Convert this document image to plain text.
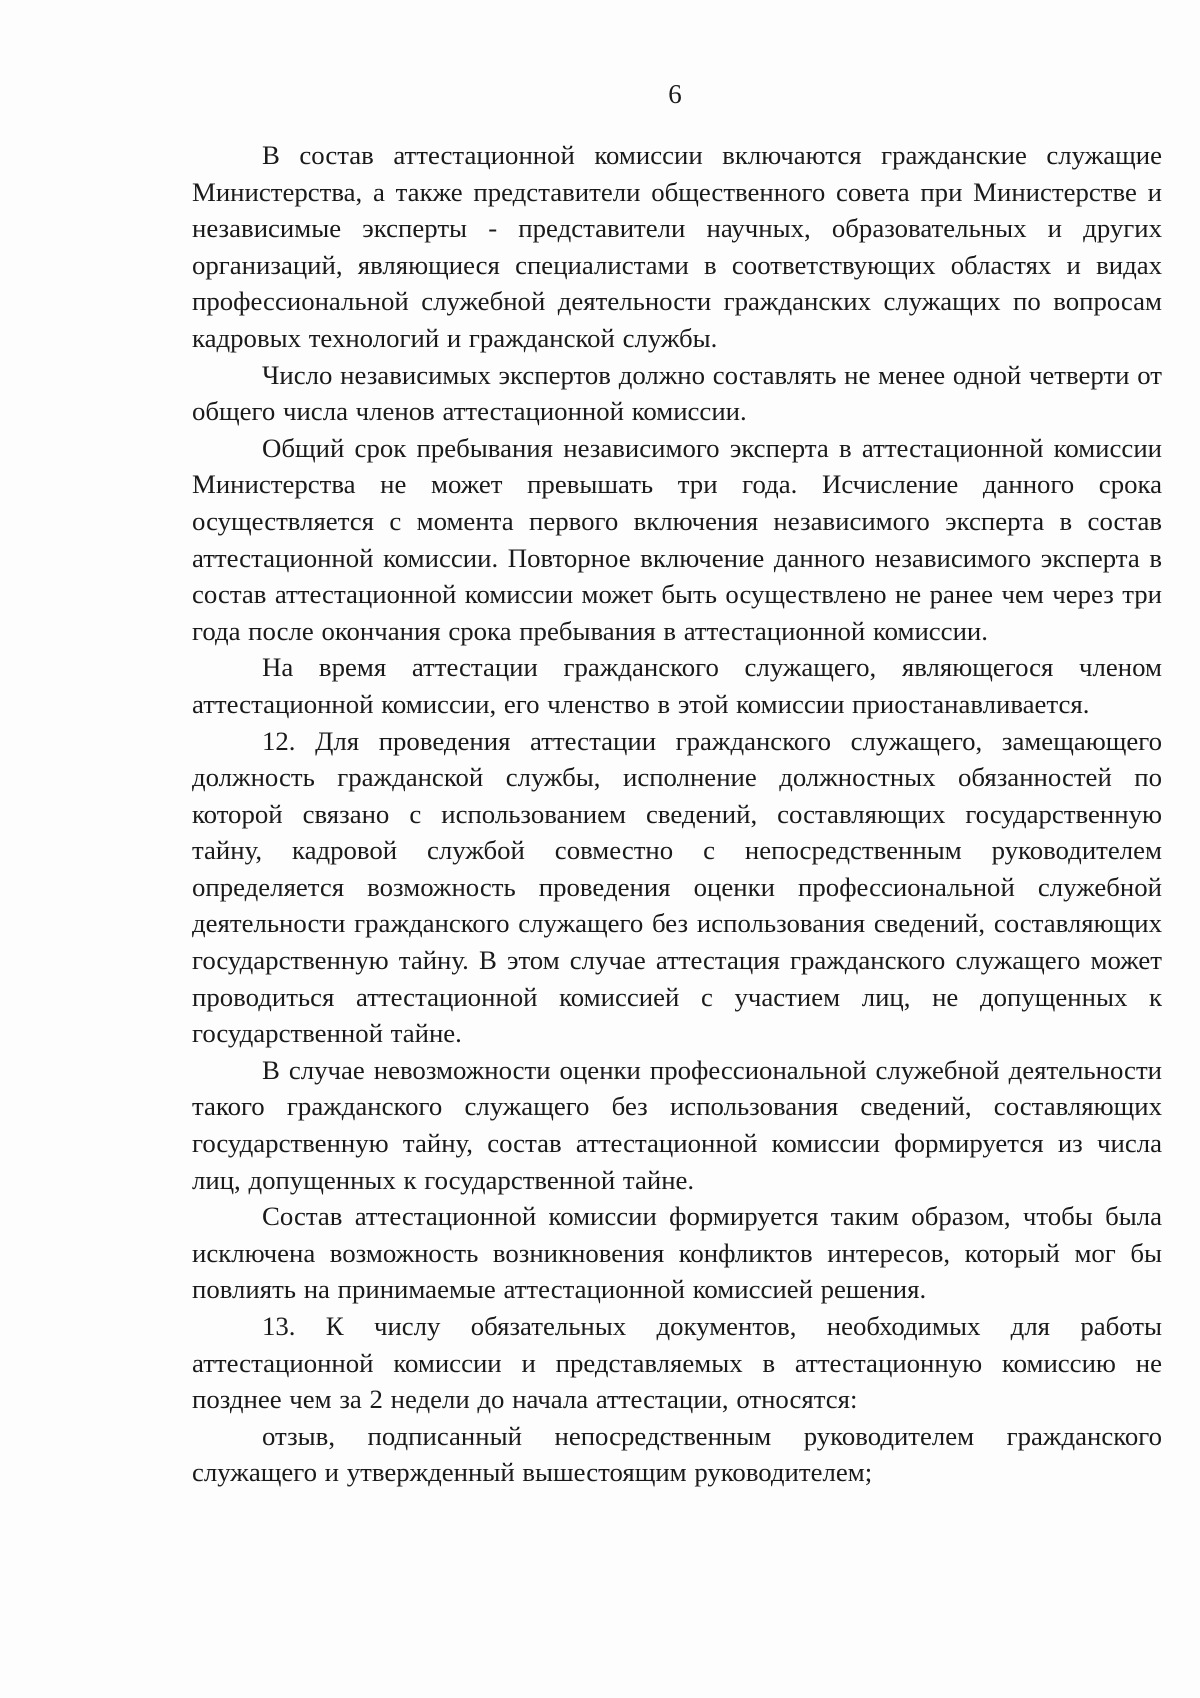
6

В состав аттестационной комиссии включаются гражданские служащие Министерства, а также представители общественного совета при Министерстве и независимые эксперты - представители научных, образовательных и других организаций, являющиеся специалистами в соответствующих областях и видах профессиональной служебной деятельности гражданских служащих по вопросам кадровых технологий и гражданской службы.

Число независимых экспертов должно составлять не менее одной четверти от общего числа членов аттестационной комиссии.

Общий срок пребывания независимого эксперта в аттестационной комиссии Министерства не может превышать три года. Исчисление данного срока осуществляется с момента первого включения независимого эксперта в состав аттестационной комиссии. Повторное включение данного независимого эксперта в состав аттестационной комиссии может быть осуществлено не ранее чем через три года после окончания срока пребывания в аттестационной комиссии.

На время аттестации гражданского служащего, являющегося членом аттестационной комиссии, его членство в этой комиссии приостанавливается.

12. Для проведения аттестации гражданского служащего, замещающего должность гражданской службы, исполнение должностных обязанностей по которой связано с использованием сведений, составляющих государственную тайну, кадровой службой совместно с непосредственным руководителем определяется возможность проведения оценки профессиональной служебной деятельности гражданского служащего без использования сведений, составляющих государственную тайну. В этом случае аттестация гражданского служащего может проводиться аттестационной комиссией с участием лиц, не допущенных к государственной тайне.

В случае невозможности оценки профессиональной служебной деятельности такого гражданского служащего без использования сведений, составляющих государственную тайну, состав аттестационной комиссии формируется из числа лиц, допущенных к государственной тайне.

Состав аттестационной комиссии формируется таким образом, чтобы была исключена возможность возникновения конфликтов интересов, который мог бы повлиять на принимаемые аттестационной комиссией решения.

13. К числу обязательных документов, необходимых для работы аттестационной комиссии и представляемых в аттестационную комиссию не позднее чем за 2 недели до начала аттестации, относятся:

отзыв, подписанный непосредственным руководителем гражданского служащего и утвержденный вышестоящим руководителем;
